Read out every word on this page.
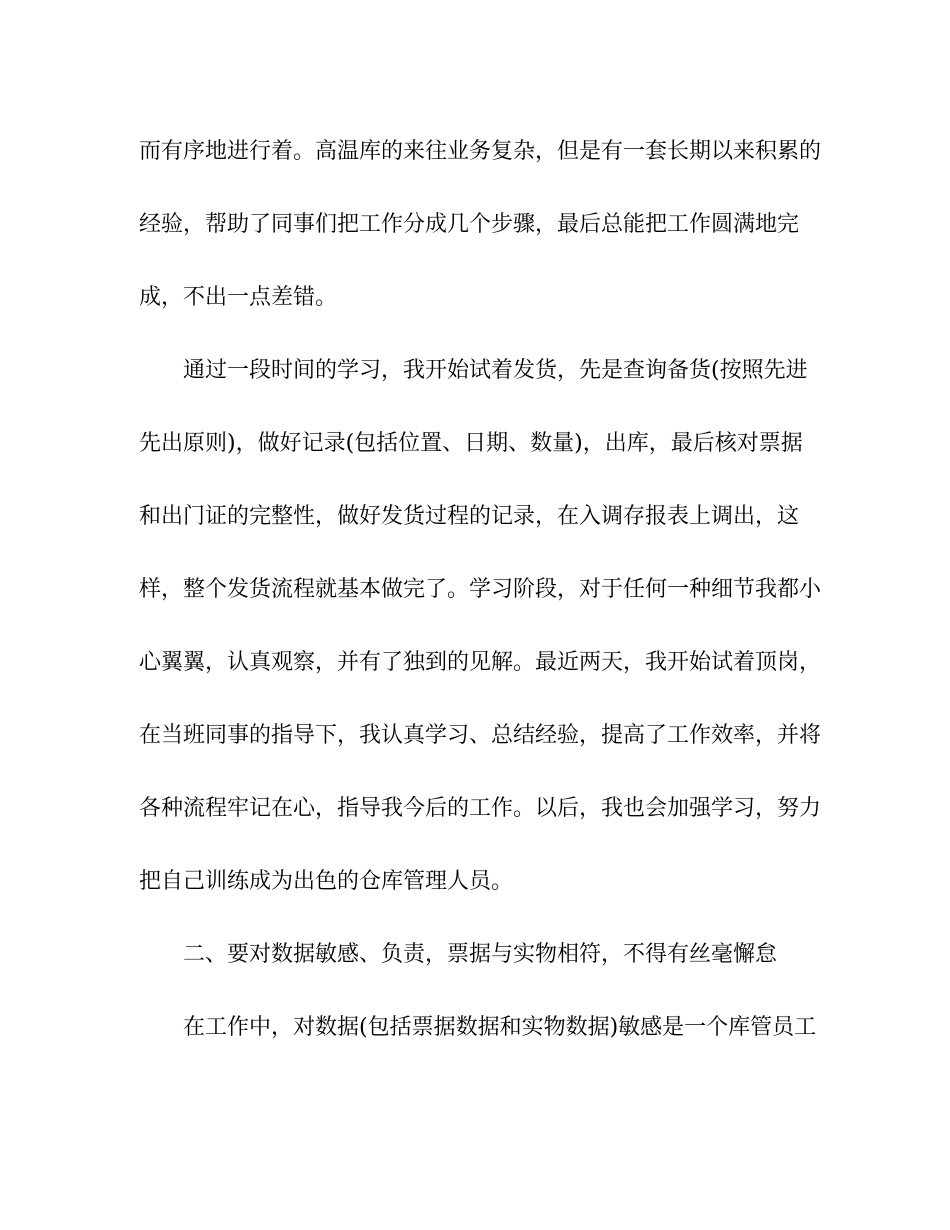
而有序地进行着。高温库的来往业务复杂，但是有一套长期以来积累的
经验，帮助了同事们把工作分成几个步骤，最后总能把工作圆满地完
成，不出一点差错。
通过一段时间的学习，我开始试着发货，先是查询备货(按照先进
先出原则)，做好记录(包括位置、日期、数量)，出库，最后核对票据
和出门证的完整性，做好发货过程的记录，在入调存报表上调出，这
样，整个发货流程就基本做完了。学习阶段，对于任何一种细节我都小
心翼翼，认真观察，并有了独到的见解。最近两天，我开始试着顶岗，
在当班同事的指导下，我认真学习、总结经验，提高了工作效率，并将
各种流程牢记在心，指导我今后的工作。以后，我也会加强学习，努力
把自己训练成为出色的仓库管理人员。
二、要对数据敏感、负责，票据与实物相符，不得有丝毫懈怠
在工作中，对数据(包括票据数据和实物数据)敏感是一个库管员工
